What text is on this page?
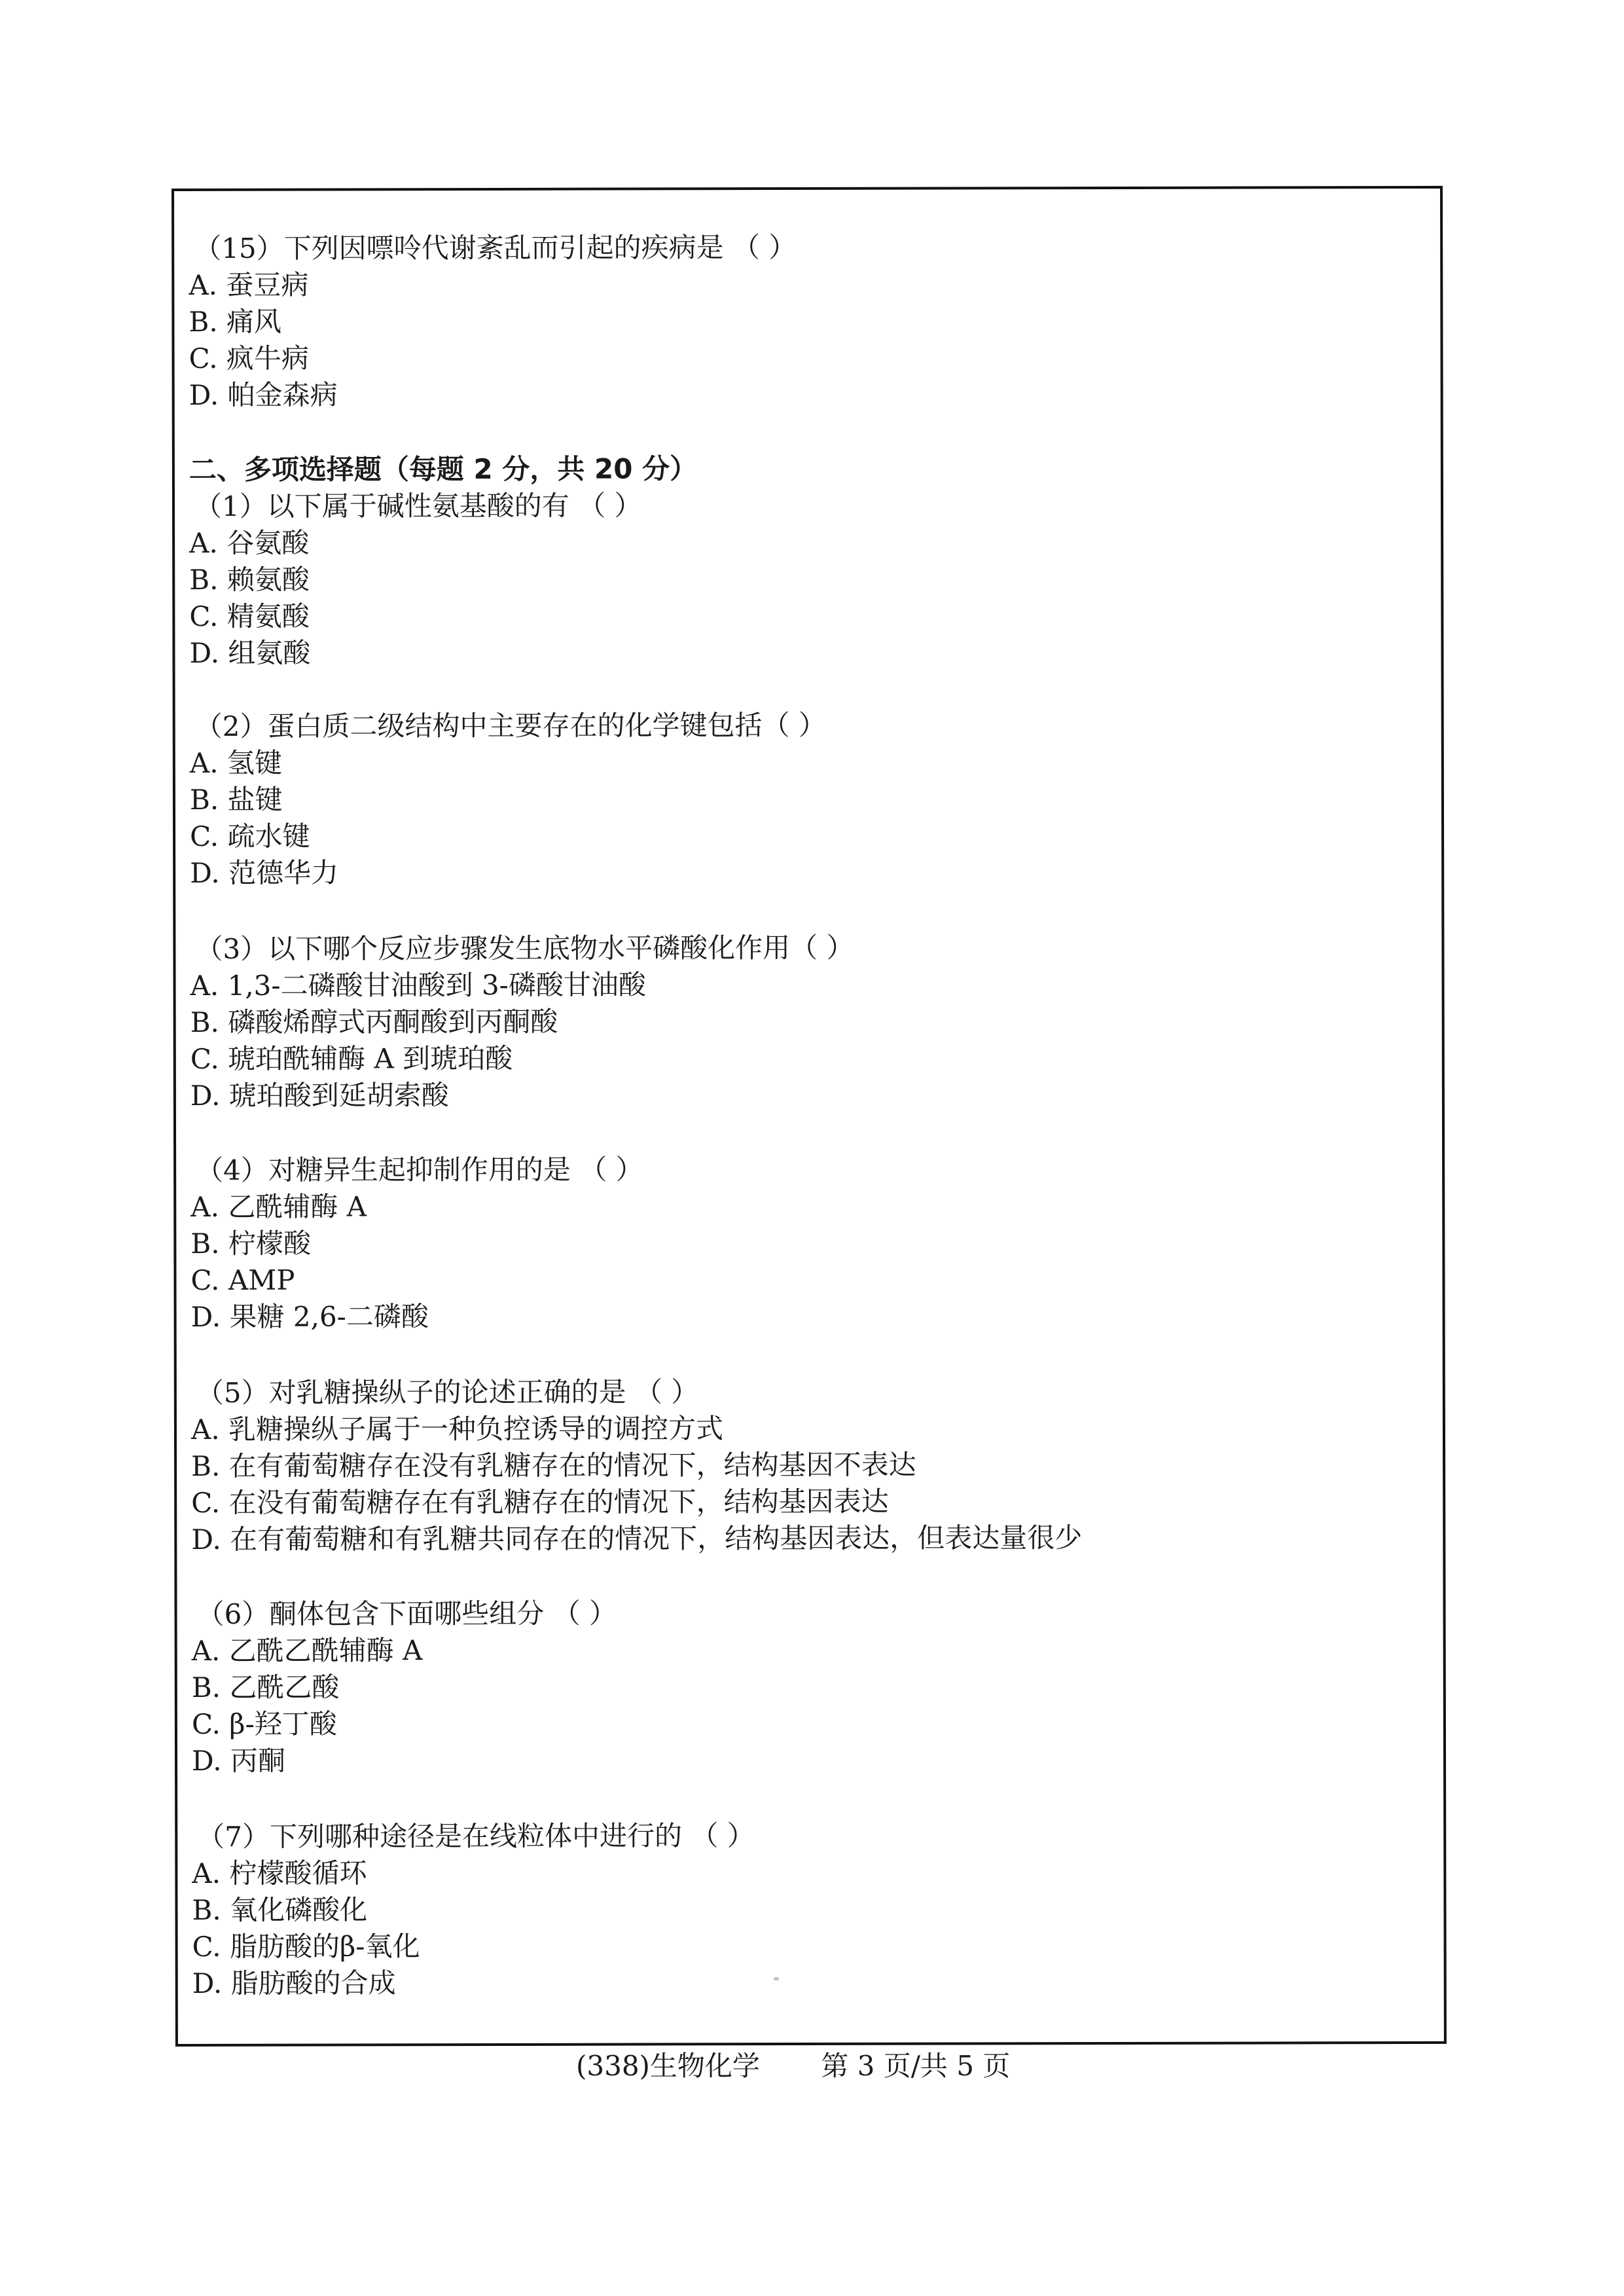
（15）下列因嘌呤代谢紊乱而引起的疾病是 （ ）
A. 蚕豆病
B. 痛风
C. 疯牛病
D. 帕金森病
二、多项选择题（每题 2 分，共 20 分）
（1）以下属于碱性氨基酸的有 （ ）
A. 谷氨酸
B. 赖氨酸
C. 精氨酸
D. 组氨酸
（2）蛋白质二级结构中主要存在的化学键包括（ ）
A. 氢键
B. 盐键
C. 疏水键
D. 范德华力
（3）以下哪个反应步骤发生底物水平磷酸化作用（ ）
A. 1,3-二磷酸甘油酸到 3-磷酸甘油酸
B. 磷酸烯醇式丙酮酸到丙酮酸
C. 琥珀酰辅酶 A 到琥珀酸
D. 琥珀酸到延胡索酸
（4）对糖异生起抑制作用的是 （ ）
A. 乙酰辅酶 A
B. 柠檬酸
C. AMP
D. 果糖 2,6-二磷酸
（5）对乳糖操纵子的论述正确的是 （ ）
A. 乳糖操纵子属于一种负控诱导的调控方式
B. 在有葡萄糖存在没有乳糖存在的情况下，结构基因不表达
C. 在没有葡萄糖存在有乳糖存在的情况下，结构基因表达
D. 在有葡萄糖和有乳糖共同存在的情况下，结构基因表达，但表达量很少
（6）酮体包含下面哪些组分 （ ）
A. 乙酰乙酰辅酶 A
B. 乙酰乙酸
C. β-羟丁酸
D. 丙酮
（7）下列哪种途径是在线粒体中进行的 （ ）
A. 柠檬酸循环
B. 氧化磷酸化
C. 脂肪酸的β-氧化
D. 脂肪酸的合成
(338)生物化学 第 3 页/共 5 页
